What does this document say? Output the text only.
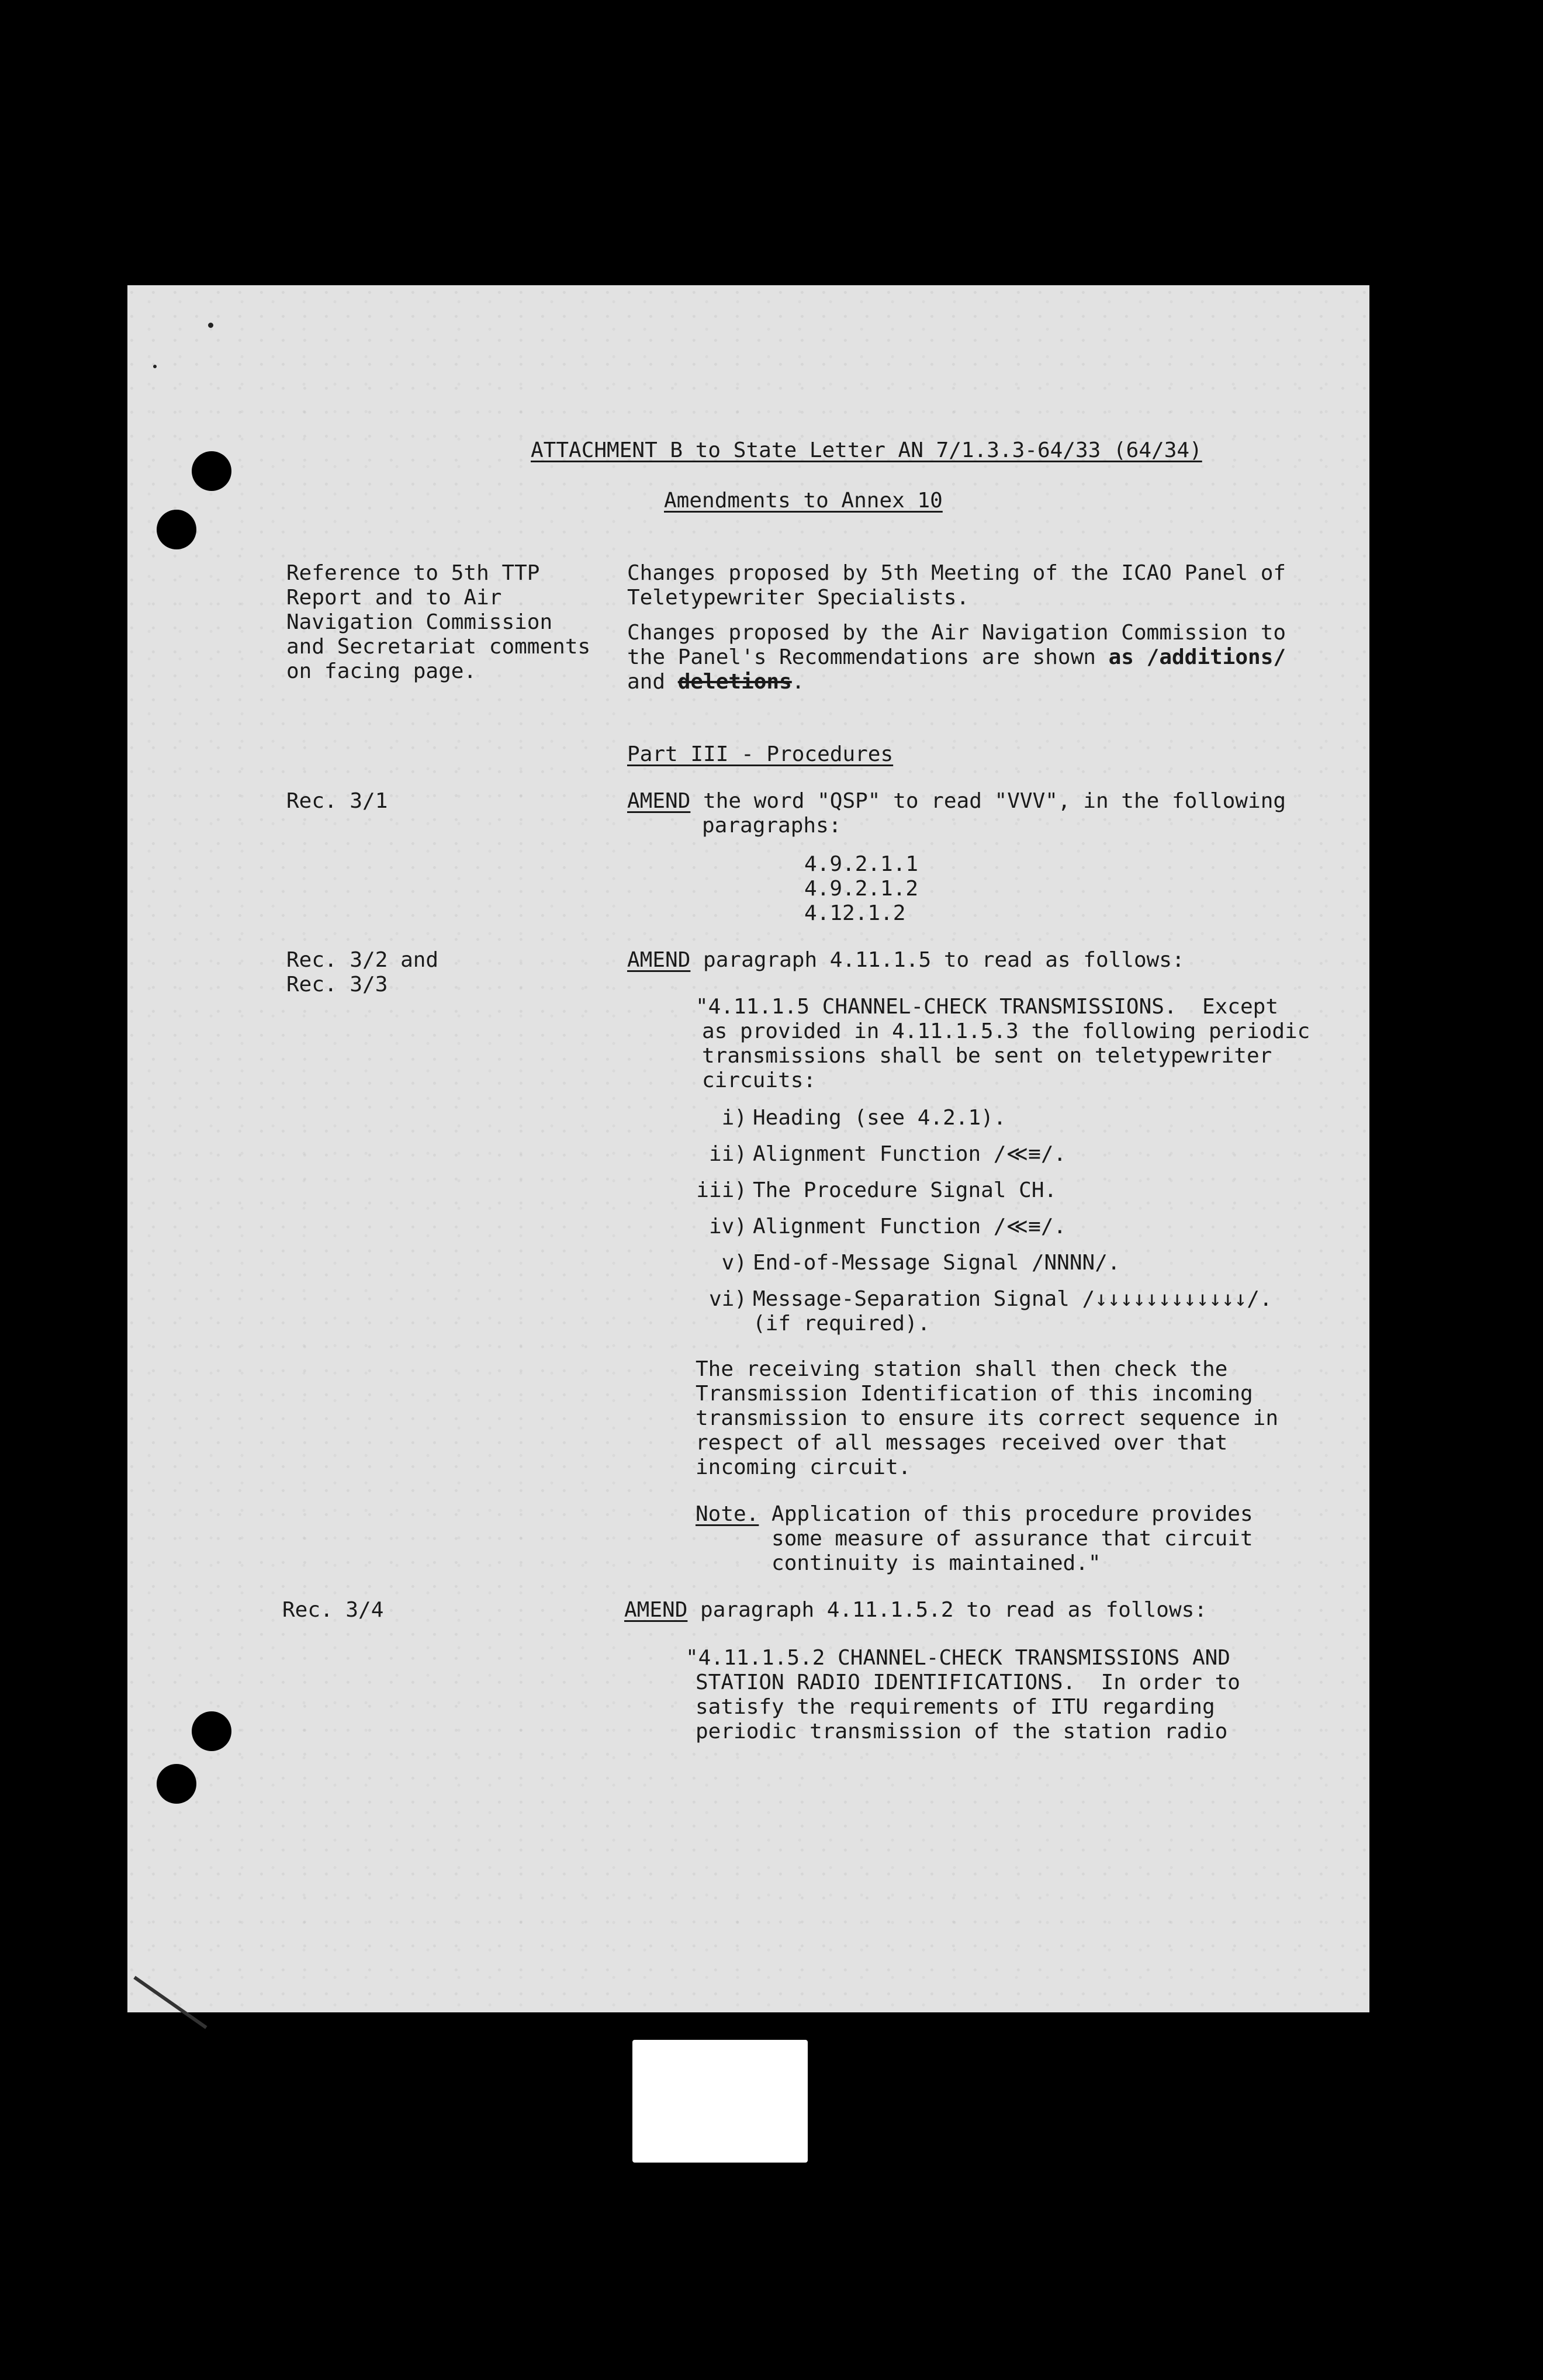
ATTACHMENT B to State Letter AN 7/1.3.3-64/33 (64/34)
Amendments to Annex 10
Reference to 5th TTP
Report and to Air
Navigation Commission
and Secretariat comments
on facing page.
Changes proposed by 5th Meeting of the ICAO Panel of
Teletypewriter Specialists.
Changes proposed by the Air Navigation Commission to
the Panel's Recommendations are shown as /additions/
and deletions.
Part III - Procedures
Rec. 3/1	AMEND the word "QSP" to read "VVV", in the following
paragraphs:
4.9.2.1.1
4.9.2.1.2
4.12.1.2
Rec. 3/2 and
Rec. 3/3
AMEND paragraph 4.11.1.5 to read as follows:
"4.11.1.5 CHANNEL-CHECK TRANSMISSIONS.  Except
as provided in 4.11.1.5.3 the following periodic
transmissions shall be sent on teletypewriter
circuits:
i) Heading (see 4.2.1).
ii) Alignment Function /≪≡/.
iii) The Procedure Signal CH.
iv) Alignment Function /≪≡/.
v) End-of-Message Signal /NNNN/.
vi) Message-Separation Signal /↓↓↓↓↓↓↓↓↓↓↓↓/.
(if required).
The receiving station shall then check the
Transmission Identification of this incoming
transmission to ensure its correct sequence in
respect of all messages received over that
incoming circuit.
Note. Application of this procedure provides
some measure of assurance that circuit
continuity is maintained."
Rec. 3/4	AMEND paragraph 4.11.1.5.2 to read as follows:
"4.11.1.5.2 CHANNEL-CHECK TRANSMISSIONS AND
STATION RADIO IDENTIFICATIONS.  In order to
satisfy the requirements of ITU regarding
periodic transmission of the station radio
